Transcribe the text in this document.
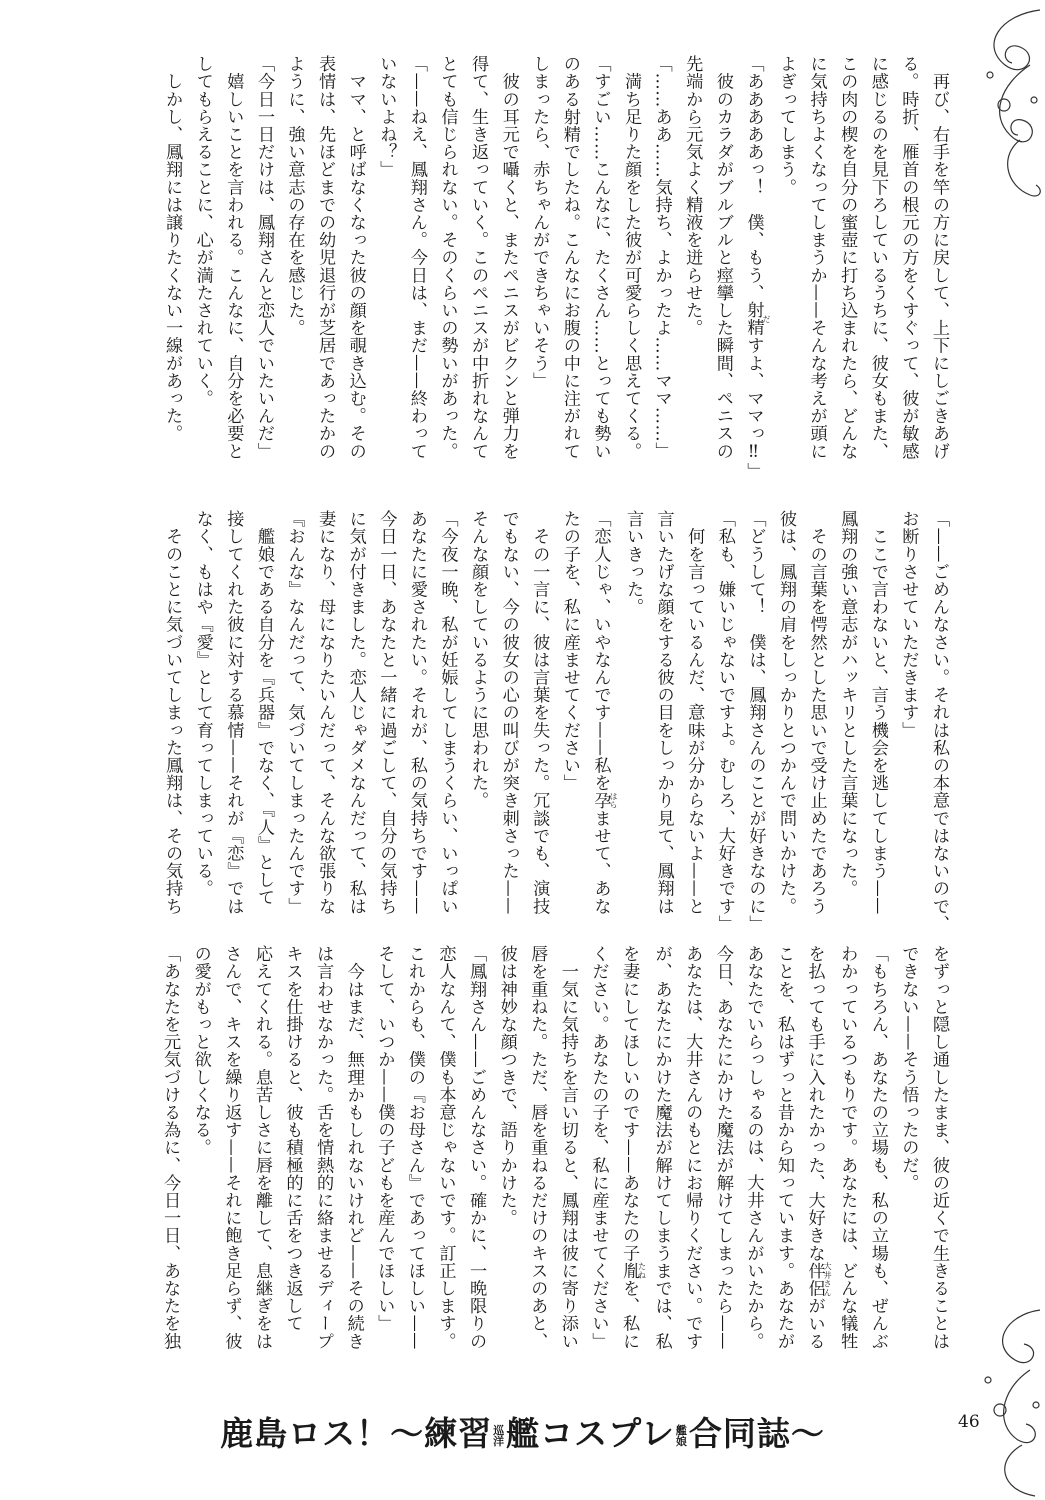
　再び、右手を竿の方に戻して、上下にしごきあげ
る。時折、雁首の根元の方をくすぐって、彼が敏感
に感じるのを見下ろしているうちに、彼女もまた、
この肉の楔を自分の蜜壺に打ち込まれたら、どんな
に気持ちよくなってしまうか——そんな考えが頭に
よぎってしまう。
「あああああっ！　僕、もう、射精だすよ、ママっ‼」
　彼のカラダがブルブルと痙攣した瞬間、ペニスの
先端から元気よく精液を迸らせた。
「……ああ……気持ち、よかったよ……ママ……」
　満ち足りた顔をした彼が可愛らしく思えてくる。
「すごい……こんなに、たくさん……とっても勢い
のある射精でしたね。こんなにお腹の中に注がれて
しまったら、赤ちゃんができちゃいそう」
　彼の耳元で囁くと、またペニスがビクンと弾力を
得て、生き返っていく。このペニスが中折れなんて
とても信じられない。そのくらいの勢いがあった。
「——ねえ、鳳翔さん。今日は、まだ——終わって
いないよね？」
　ママ、と呼ばなくなった彼の顔を覗き込む。その
表情は、先ほどまでの幼児退行が芝居であったかの
ように、強い意志の存在を感じた。
「今日一日だけは、鳳翔さんと恋人でいたいんだ」
　嬉しいことを言われる。こんなに、自分を必要と
してもらえることに、心が満たされていく。
　しかし、鳳翔には譲りたくない一線があった。
「——ごめんなさい。それは私の本意ではないので、
お断りさせていただきます」
　ここで言わないと、言う機会を逃してしまう——
鳳翔の強い意志がハッキリとした言葉になった。
　その言葉を愕然とした思いで受け止めたであろう
彼は、鳳翔の肩をしっかりとつかんで問いかけた。
「どうして！　僕は、鳳翔さんのことが好きなのに」
「私も、嫌いじゃないですよ。むしろ、大好きです」
　何を言っているんだ、意味が分からないよ——と
言いたげな顔をする彼の目をしっかり見て、鳳翔は
言いきった。
「恋人じゃ、いやなんです——私を孕はらませて、あな
たの子を、私に産ませてください」
　その一言に、彼は言葉を失った。冗談でも、演技
でもない、今の彼女の心の叫びが突き刺さった——
そんな顔をしているように思われた。
「今夜一晩、私が妊娠してしまうくらい、いっぱい
あなたに愛されたい。それが、私の気持ちです——
今日一日、あなたと一緒に過ごして、自分の気持ち
に気が付きました。恋人じゃダメなんだって、私は
妻になり、母になりたいんだって、そんな欲張りな
『おんな』なんだって、気づいてしまったんです」
　艦娘である自分を『兵器』でなく、『人』として
接してくれた彼に対する慕情——それが『恋』では
なく、もはや『愛』として育ってしまっている。
　そのことに気づいてしまった鳳翔は、その気持ち
をずっと隠し通したまま、彼の近くで生きることは
できない——そう悟ったのだ。
「もちろん、あなたの立場も、私の立場も、ぜんぶ
わかっているつもりです。あなたには、どんな犠牲
を払っても手に入れたかった、大好きな伴侶大井さんがいる
ことを、私はずっと昔から知っています。あなたが
あなたでいらっしゃるのは、大井さんがいたから。
今日、あなたにかけた魔法が解けてしまったら——
あなたは、大井さんのもとにお帰りください。です
が、あなたにかけた魔法が解けてしまうまでは、私
を妻にしてほしいのです——あなたの子胤たねを、私に
ください。あなたの子を、私に産ませてください」
　一気に気持ちを言い切ると、鳳翔は彼に寄り添い
唇を重ねた。ただ、唇を重ねるだけのキスのあと、
彼は神妙な顔つきで、語りかけた。
「鳳翔さん——ごめんなさい。確かに、一晩限りの
恋人なんて、僕も本意じゃないです。訂正します。
これからも、僕の『お母さん』であってほしい——
そして、いつか——僕の子どもを産んでほしい」
　今はまだ、無理かもしれないけれど——その続き
は言わせなかった。舌を情熱的に絡ませるディープ
キスを仕掛けると、彼も積極的に舌をつき返して
応えてくれる。息苦しさに唇を離して、息継ぎをは
さんで、キスを繰り返す——それに飽き足らず、彼
の愛がもっと欲しくなる。
「あなたを元気づける為に、今日一日、あなたを独
鹿島ロス！〜練習 巡
洋 艦コスプレ 艦
娘 合同誌〜	46
